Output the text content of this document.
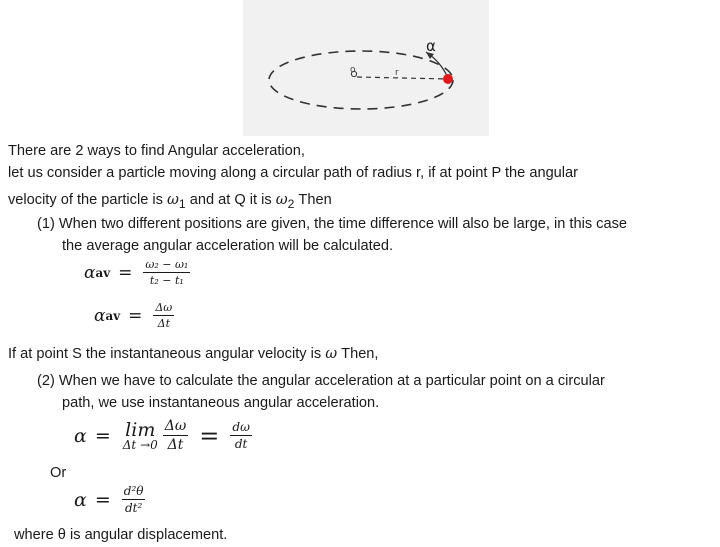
α
o	r
There are 2 ways to find Angular acceleration,
let us consider a particle moving along a circular path of radius r, if at point P the angular
velocity of the particle is $\omega_1$ and at Q it is $\omega_2$ Then
(1) When two different positions are given, the time difference will also be large, in this case
the average angular acceleration will be calculated.
α av = $\frac{\text{ω₂ − ω₁}}{\text{t₂ − t₁}}$
α av = $\frac{\Delta\omega}{\Delta t}$
If at point S the instantaneous angular velocity is ω Then,
(2) When we have to calculate the angular acceleration at a particular point on a circular
path, we use instantaneous angular acceleration.
α = lim
$\Delta t \to 0 \frac{\Delta\omega}{\Delta t} = \frac{d\omega}{dt}$
Or
$\alpha = \frac{\text{d²θ}}{\text{dt²}}$
where θ is angular displacement.
